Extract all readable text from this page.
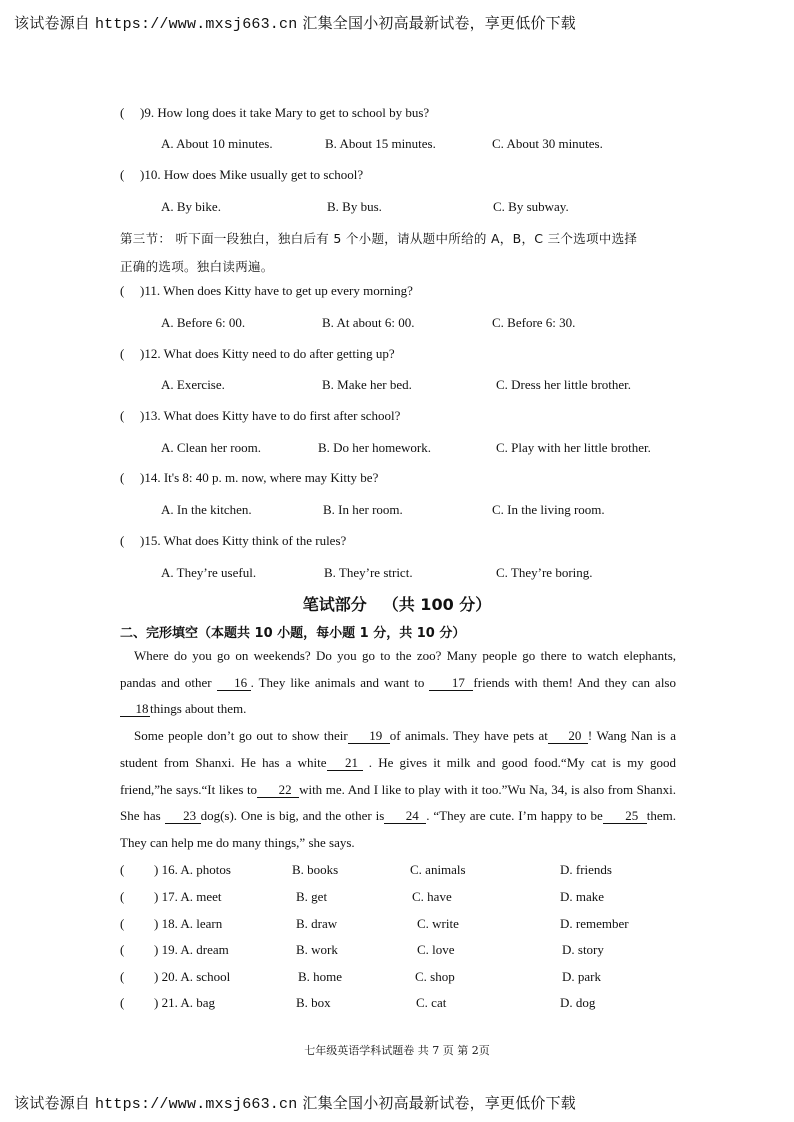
该试卷源自 https://www.mxsj663.cn 汇集全国小初高最新试卷，享更低价下载
( )9. How long does it take Mary to get to school by bus?
A. About 10 minutes.	B. About 15 minutes.	C. About 30 minutes.
( )10. How does Mike usually get to school?
A. By bike.	B. By bus.	C. By subway.
第三节： 听下面一段独白，独白后有 5 个小题，请从题中所给的 A，B，C 三个选项中选择
正确的选项。独白读两遍。
( )11. When does Kitty have to get up every morning?
A. Before 6: 00.	B. At about 6: 00.	C. Before 6: 30.
( )12. What does Kitty need to do after getting up?
A. Exercise.	B. Make her bed.	C. Dress her little brother.
( )13. What does Kitty have to do first after school?
A. Clean her room.	B. Do her homework.	C. Play with her little brother.
( )14. It's 8: 40 p. m. now, where may Kitty be?
A. In the kitchen.	B. In her room.	C. In the living room.
( )15. What does Kitty think of the rules?
A. They’re useful.	B. They’re strict.	C. They’re boring.
笔试部分 （共 100 分）
二、完形填空（本题共 10 小题，每小题 1 分，共 10 分）

Where do you go on weekends? Do you go to the zoo? Many people go there to watch elephants, pandas and other 16 . They like animals and want to 17 friends with them! And they can also18 things about them.

Some people don’t go out to show their 19 of animals. They have pets at 20 ! Wang Nan is a student from Shanxi. He has a white 21 . He gives it milk and good food.“My cat is my good friend,”he says.“It likes to 22 with me. And I like to play with it too.”Wu Na, 34, is also from Shanxi. She has 23 dog(s). One is big, and the other is 24 . “They are cute. I’m happy to be 25 them. They can help me do many things,” she says.

( ) 16. A. photos	B. books	C. animals	D. friends
( ) 17. A. meet	B. get	C. have	D. make
( ) 18. A. learn	B. draw	C. write	D. remember
( ) 19. A. dream	B. work	C. love	D. story
( ) 20. A. school	B. home	C. shop	D. park
( ) 21. A. bag	B. box	C. cat	D. dog
七年级英语学科试题卷 共 7 页 第 2页
该试卷源自 https://www.mxsj663.cn 汇集全国小初高最新试卷，享更低价下载
